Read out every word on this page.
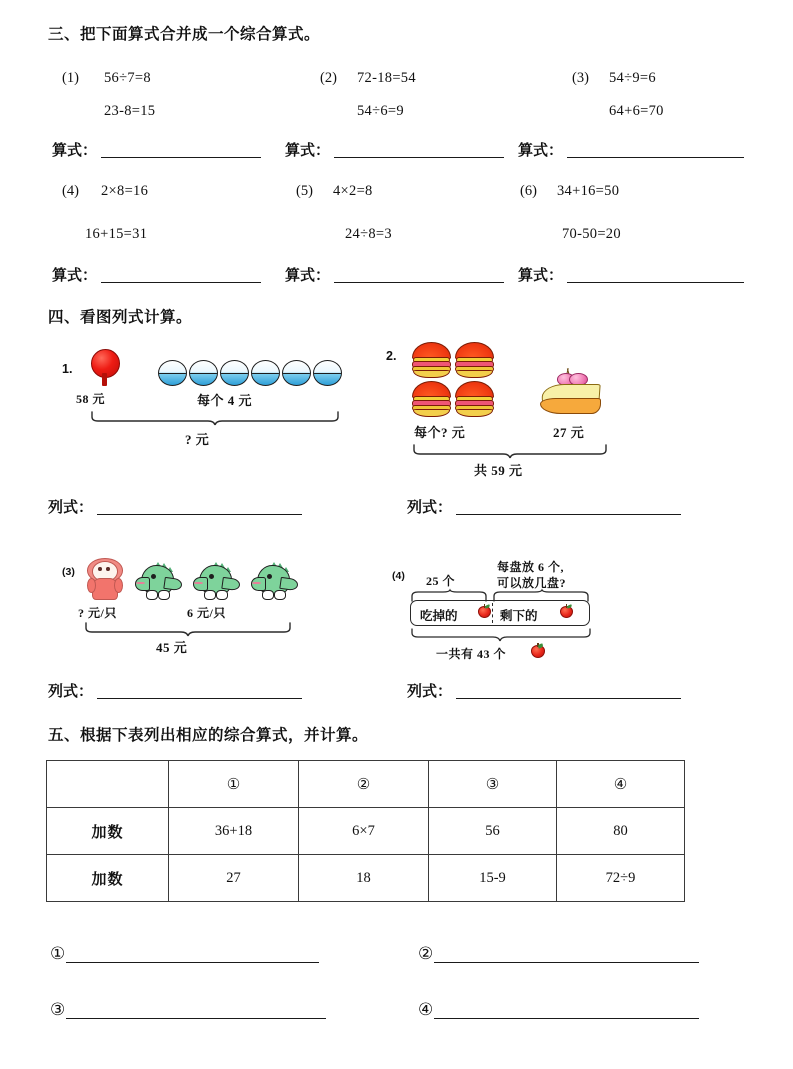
三、把下面算式合并成一个综合算式。
(1) 56÷7=8
23-8=15
(2) 72-18=54
54÷6=9
(3) 54÷9=6
64+6=70
算式：	算式：	算式：
(4) 2×8=16
16+15=31
(5) 4×2=8
24÷8=3
(6) 34+16=50
70-50=20
算式：	算式：	算式：
四、看图列式计算。
1.
58 元	每个 4 元
? 元
2.
每个? 元	27 元
共 59 元
列式：	列式：
(3)
? 元/只	6 元/只
45 元
(4) 25 个
每盘放 6 个,
可以放几盘?
吃掉的	剩下的
一共有 43 个
列式：	列式：
五、根据下表列出相应的综合算式，并计算。
	①	②	③	④
加数	36+18	6×7	56	80
加数	27	18	15-9	72÷9
①	②
③	④
